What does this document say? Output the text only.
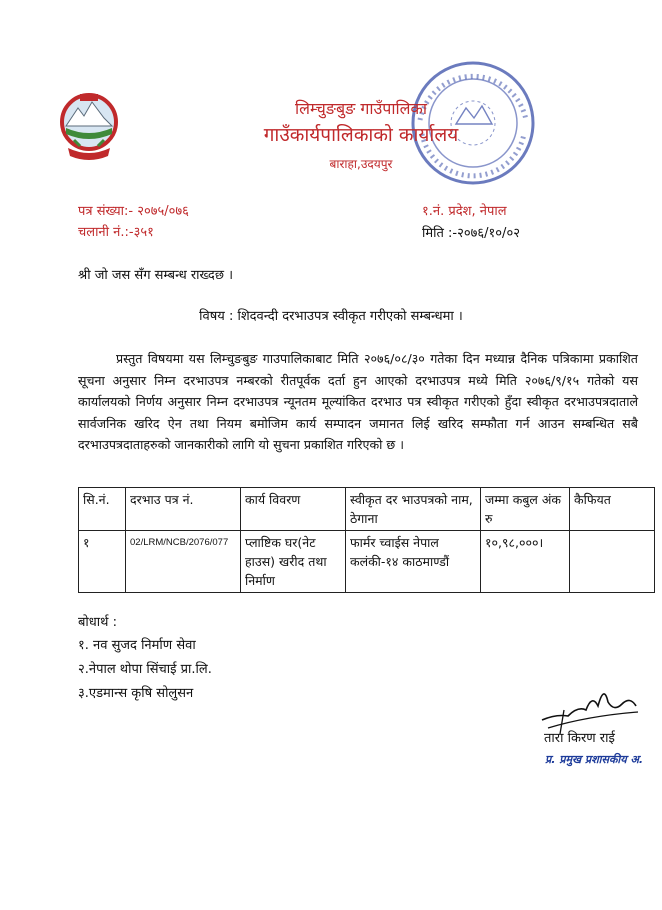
लिम्चुङबुङ गाउँपालिका
गाउँकार्यपालिकाको कार्यालय
बाराहा,उदयपुर
पत्र संख्या:- २०७५/०७६
चलानी नं.:-३५१
१.नं. प्रदेश, नेपाल
मिति :-२०७६/१०/०२
श्री जो जस सँग सम्बन्ध राख्दछ ।
विषय : शिदवन्दी दरभाउपत्र स्वीकृत गरीएको सम्बन्धमा ।

प्रस्तुत विषयमा यस लिम्चुङबुङ गाउपालिकाबाट मिति २०७६/०८/३० गतेका दिन मध्यान्न दैनिक पत्रिकामा प्रकाशित सूचना अनुसार निम्न दरभाउपत्र नम्बरको रीतपूर्वक दर्ता हुन आएको दरभाउपत्र मध्ये मिति २०७६/९/१५ गतेको यस कार्यालयको निर्णय अनुसार निम्न दरभाउपत्र न्यूनतम मूल्यांकित दरभाउ पत्र स्वीकृत गरीएको हुँदा स्वीकृत दरभाउपत्रदाताले सार्वजनिक खरिद ऐन तथा नियम बमोजिम कार्य सम्पादन जमानत लिई खरिद सम्फौता गर्न आउन सम्बन्धित सबै दरभाउपत्रदाताहरुको जानकारीको लागि यो सुचना प्रकाशित गरिएको छ ।

सि.नं.	दरभाउ पत्र नं.	कार्य विवरण	स्वीकृत दर भाउपत्रको नाम, ठेगाना	जम्मा कबुल अंक रु	कैफियत
१	02/LRM/NCB/2076/077	प्लाष्टिक घर(नेट हाउस) खरीद तथा निर्माण	फार्मर च्वाईस नेपाल कलंकी-१४ काठमाण्डौं	१०,९८,०००।	
बोधार्थ :
१. नव सुजद निर्माण सेवा
२.नेपाल थोपा सिंचाई प्रा.लि.
३.एडमान्स कृषि सोलुसन
तारा किरण राई
प्र. प्रमुख प्रशासकीय अ.
